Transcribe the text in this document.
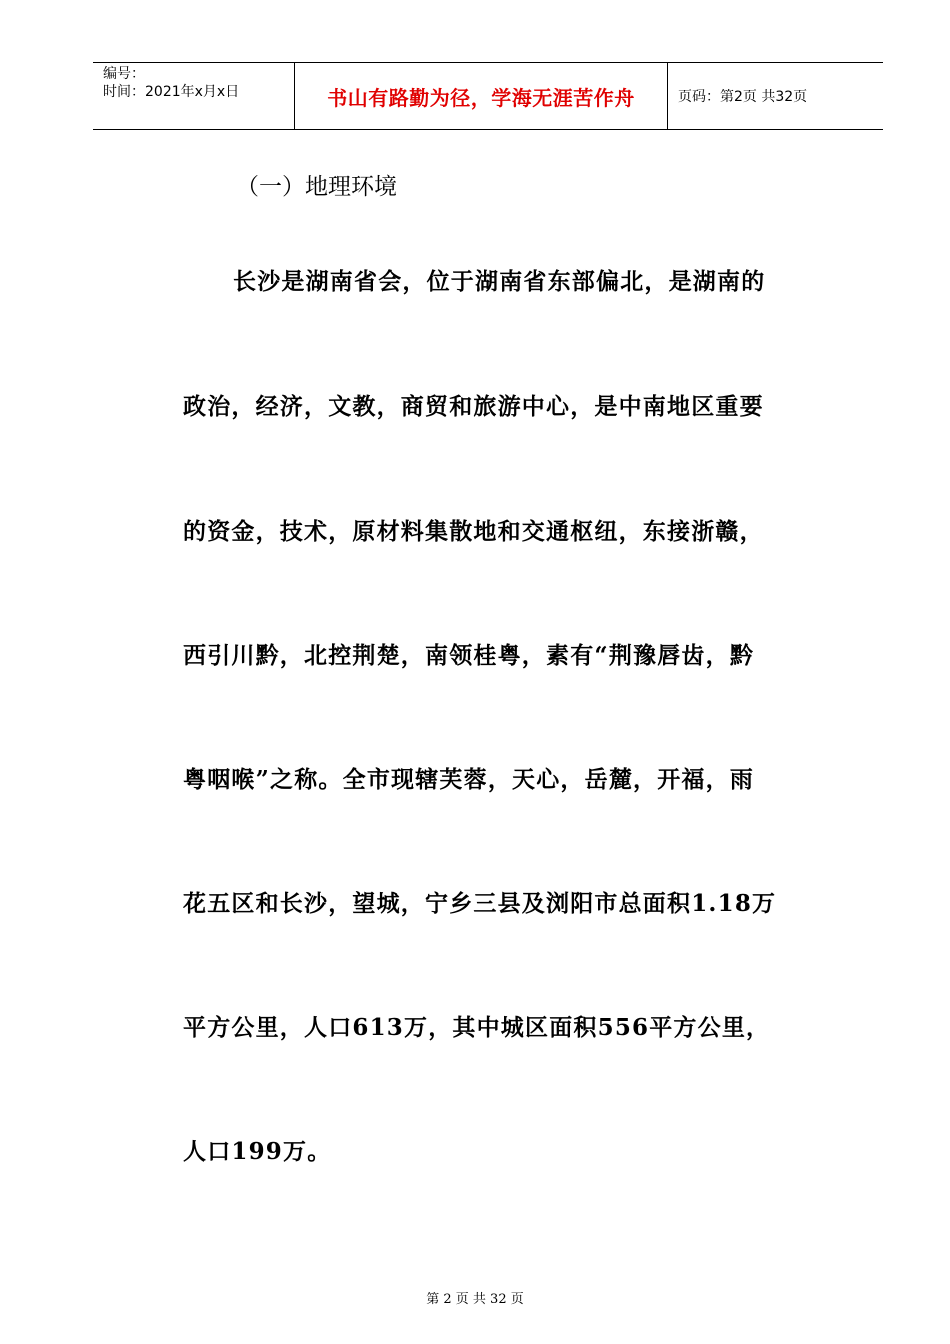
编号：
时间：2021年x月x日	书山有路勤为径，学海无涯苦作舟	页码：第2页 共32页
（一）地理环境
长沙是湖南省会，位于湖南省东部偏北，是湖南的
政治，经济，文教，商贸和旅游中心，是中南地区重要
的资金，技术，原材料集散地和交通枢纽，东接浙赣，
西引川黔，北控荆楚，南领桂粤，素有“荆豫唇齿，黔
粤咽喉”之称。全市现辖芙蓉，天心，岳麓，开福，雨
花五区和长沙，望城，宁乡三县及浏阳市总面积1.18万
平方公里，人口613万，其中城区面积556平方公里，
人口199万。
第 2 页 共 32 页
